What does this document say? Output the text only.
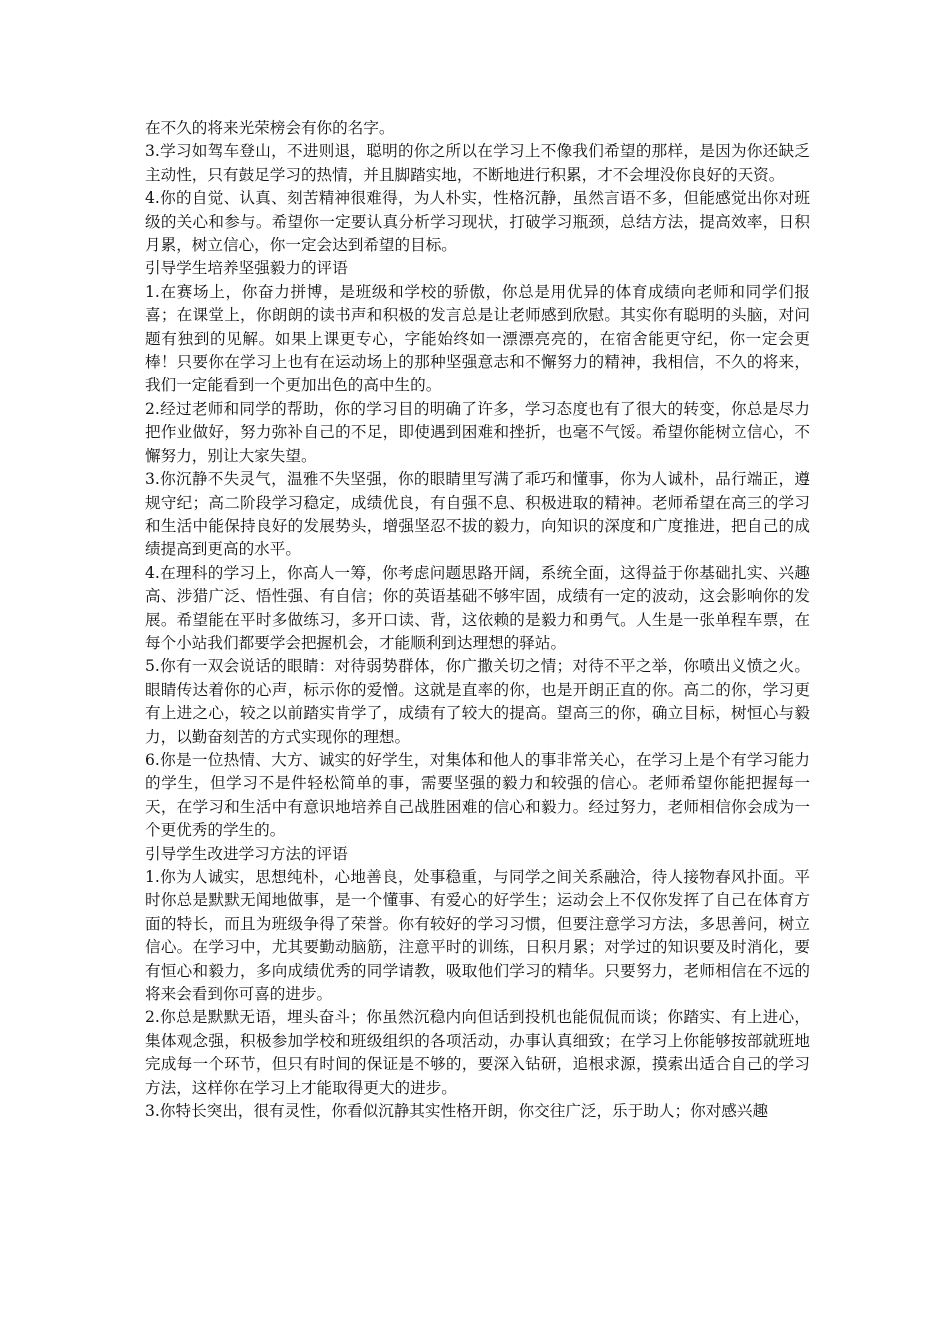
在不久的将来光荣榜会有你的名字。

3.学习如驾车登山，不进则退，聪明的你之所以在学习上不像我们希望的那样，是因为你还缺乏主动性，只有鼓足学习的热情，并且脚踏实地，不断地进行积累，才不会埋没你良好的天资。

4.你的自觉、认真、刻苦精神很难得，为人朴实，性格沉静，虽然言语不多，但能感觉出你对班级的关心和参与。希望你一定要认真分析学习现状，打破学习瓶颈，总结方法，提高效率，日积月累，树立信心，你一定会达到希望的目标。

引导学生培养坚强毅力的评语

1.在赛场上，你奋力拼博，是班级和学校的骄傲，你总是用优异的体育成绩向老师和同学们报喜；在课堂上，你朗朗的读书声和积极的发言总是让老师感到欣慰。其实你有聪明的头脑，对问题有独到的见解。如果上课更专心，字能始终如一漂漂亮亮的，在宿舍能更守纪，你一定会更棒！只要你在学习上也有在运动场上的那种坚强意志和不懈努力的精神，我相信，不久的将来，我们一定能看到一个更加出色的高中生的。

2.经过老师和同学的帮助，你的学习目的明确了许多，学习态度也有了很大的转变，你总是尽力把作业做好，努力弥补自己的不足，即使遇到困难和挫折，也毫不气馁。希望你能树立信心，不懈努力，别让大家失望。

3.你沉静不失灵气，温雅不失坚强，你的眼睛里写满了乖巧和懂事，你为人诚朴，品行端正，遵规守纪；高二阶段学习稳定，成绩优良，有自强不息、积极进取的精神。老师希望在高三的学习和生活中能保持良好的发展势头，增强坚忍不拔的毅力，向知识的深度和广度推进，把自己的成绩提高到更高的水平。

4.在理科的学习上，你高人一筹，你考虑问题思路开阔，系统全面，这得益于你基础扎实、兴趣高、涉猎广泛、悟性强、有自信；你的英语基础不够牢固，成绩有一定的波动，这会影响你的发展。希望能在平时多做练习，多开口读、背，这依赖的是毅力和勇气。人生是一张单程车票，在每个小站我们都要学会把握机会，才能顺利到达理想的驿站。

5.你有一双会说话的眼睛：对待弱势群体，你广撒关切之情；对待不平之举，你喷出义愤之火。眼睛传达着你的心声，标示你的爱憎。这就是直率的你，也是开朗正直的你。高二的你，学习更有上进之心，较之以前踏实肯学了，成绩有了较大的提高。望高三的你，确立目标，树恒心与毅力，以勤奋刻苦的方式实现你的理想。

6.你是一位热情、大方、诚实的好学生，对集体和他人的事非常关心，在学习上是个有学习能力的学生，但学习不是件轻松简单的事，需要坚强的毅力和较强的信心。老师希望你能把握每一天，在学习和生活中有意识地培养自己战胜困难的信心和毅力。经过努力，老师相信你会成为一个更优秀的学生的。

引导学生改进学习方法的评语

1.你为人诚实，思想纯朴，心地善良，处事稳重，与同学之间关系融洽，待人接物春风扑面。平时你总是默默无闻地做事，是一个懂事、有爱心的好学生；运动会上不仅你发挥了自己在体育方面的特长，而且为班级争得了荣誉。你有较好的学习习惯，但要注意学习方法，多思善问，树立信心。在学习中，尤其要勤动脑筋，注意平时的训练，日积月累；对学过的知识要及时消化，要有恒心和毅力，多向成绩优秀的同学请教，吸取他们学习的精华。只要努力，老师相信在不远的将来会看到你可喜的进步。

2.你总是默默无语，埋头奋斗；你虽然沉稳内向但话到投机也能侃侃而谈；你踏实、有上进心，集体观念强，积极参加学校和班级组织的各项活动，办事认真细致；在学习上你能够按部就班地完成每一个环节，但只有时间的保证是不够的，要深入钻研，追根求源，摸索出适合自己的学习方法，这样你在学习上才能取得更大的进步。

3.你特长突出，很有灵性，你看似沉静其实性格开朗，你交往广泛，乐于助人；你对感兴趣
